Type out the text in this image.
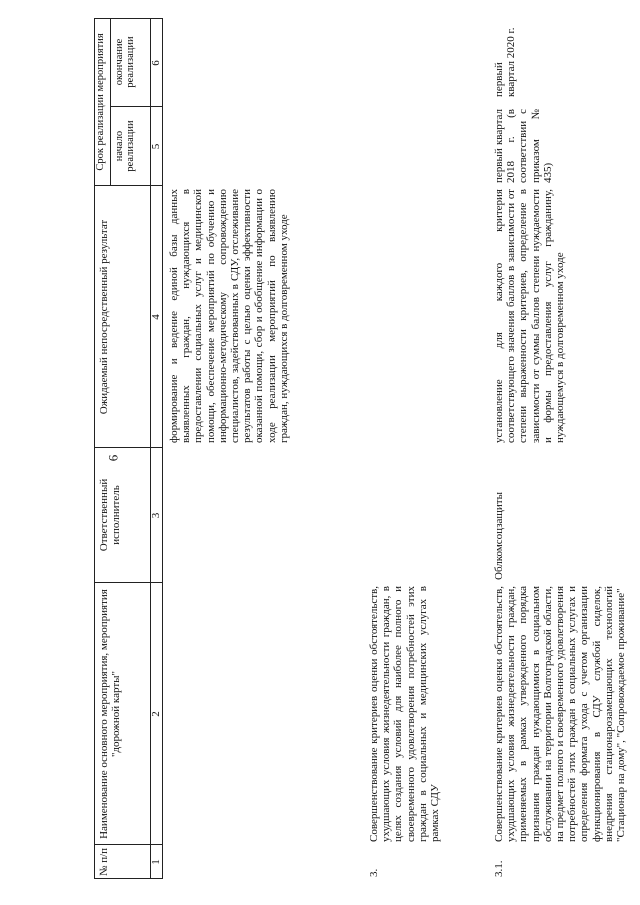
6
№ п/п
Наименование основного мероприятия, мероприятия "дорожной карты"
Ответственный исполнитель
Ожидаемый непосредственный результат
Срок реализации мероприятия начало реализации
окончание реализации
1
2
3
4
5
6
формирование и ведение единой базы данных выявленных граждан, нуждающихся в предоставлении социальных услуг и медицинской помощи, обеспечение мероприятий по обучению и информационно-методическому сопровождению специалистов, задействованных в СДУ, отслеживание результатов работы с целью оценки эффективности оказанной помощи, сбор и обобщение информации о ходе реализации мероприятий по выявлению граждан, нуждающихся в долговременном уходе
3.
Совершенствование критериев оценки обстоятельств, ухудшающих условия жизнедеятельности граждан, в целях создания условий для наиболее полного и своевременного удовлетворения потребностей этих граждан в социальных и медицинских услугах в рамках СДУ
3.1.
Совершенствование критериев оценки обстоятельств, ухудшающих условия жизнедеятельности граждан, применяемых в рамках утвержденного порядка признания граждан нуждающимися в социальном обслуживании на территории Волгоградской области, на предмет полного и своевременного удовлетворения потребностей этих граждан в социальных услугах и определения формата ухода с учетом организации функционирования в СДУ службой сиделок, внедрения стационарозамещающих технологий "Стационар на дому", "Сопровождаемое проживание"
Облкомсоцзащиты
установление для каждого критерия соответствующего значения баллов в зависимости от степени выраженности критериев, определение в зависимости от суммы баллов степени нуждаемости и формы предоставления услуг гражданину, нуждающемуся в долговременном уходе
первый квартал 2018 г. (в соответствии с приказом № 435)
первый квартал 2020 г.
